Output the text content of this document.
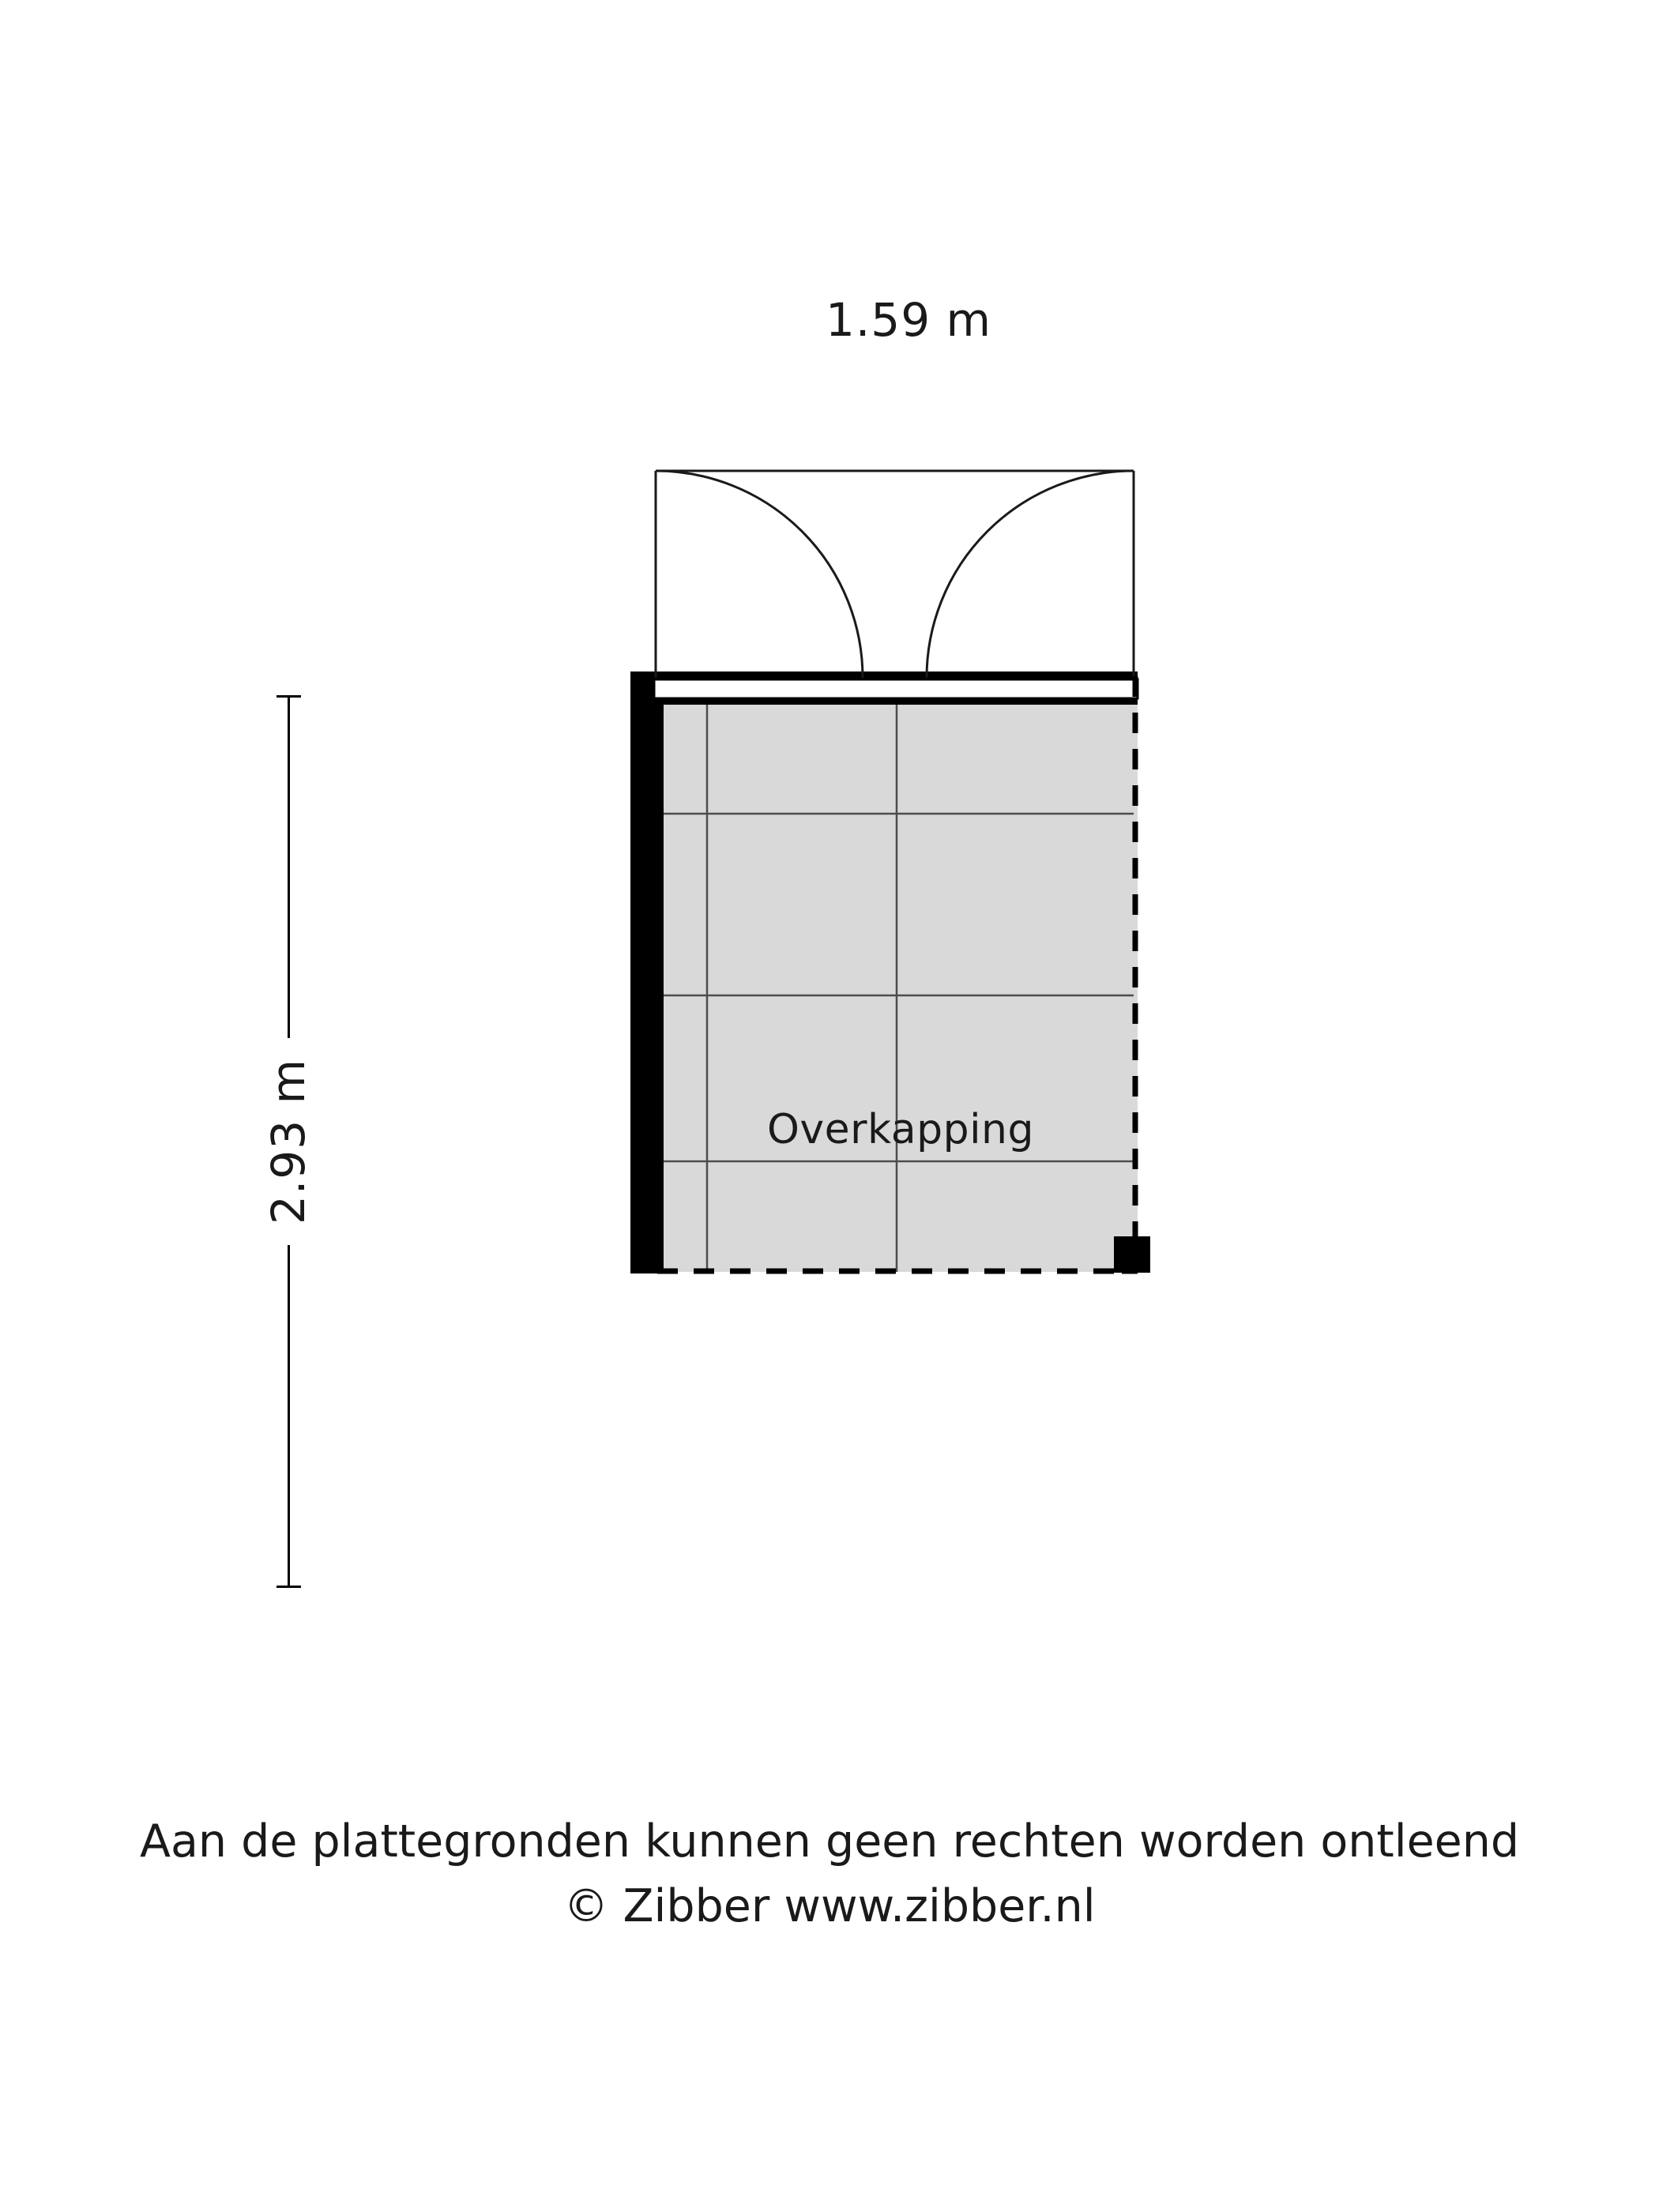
1.59 m
2.93 m	Overkapping
Aan de plattegronden kunnen geen rechten worden ontleend
© Zibber www.zibber.nl
